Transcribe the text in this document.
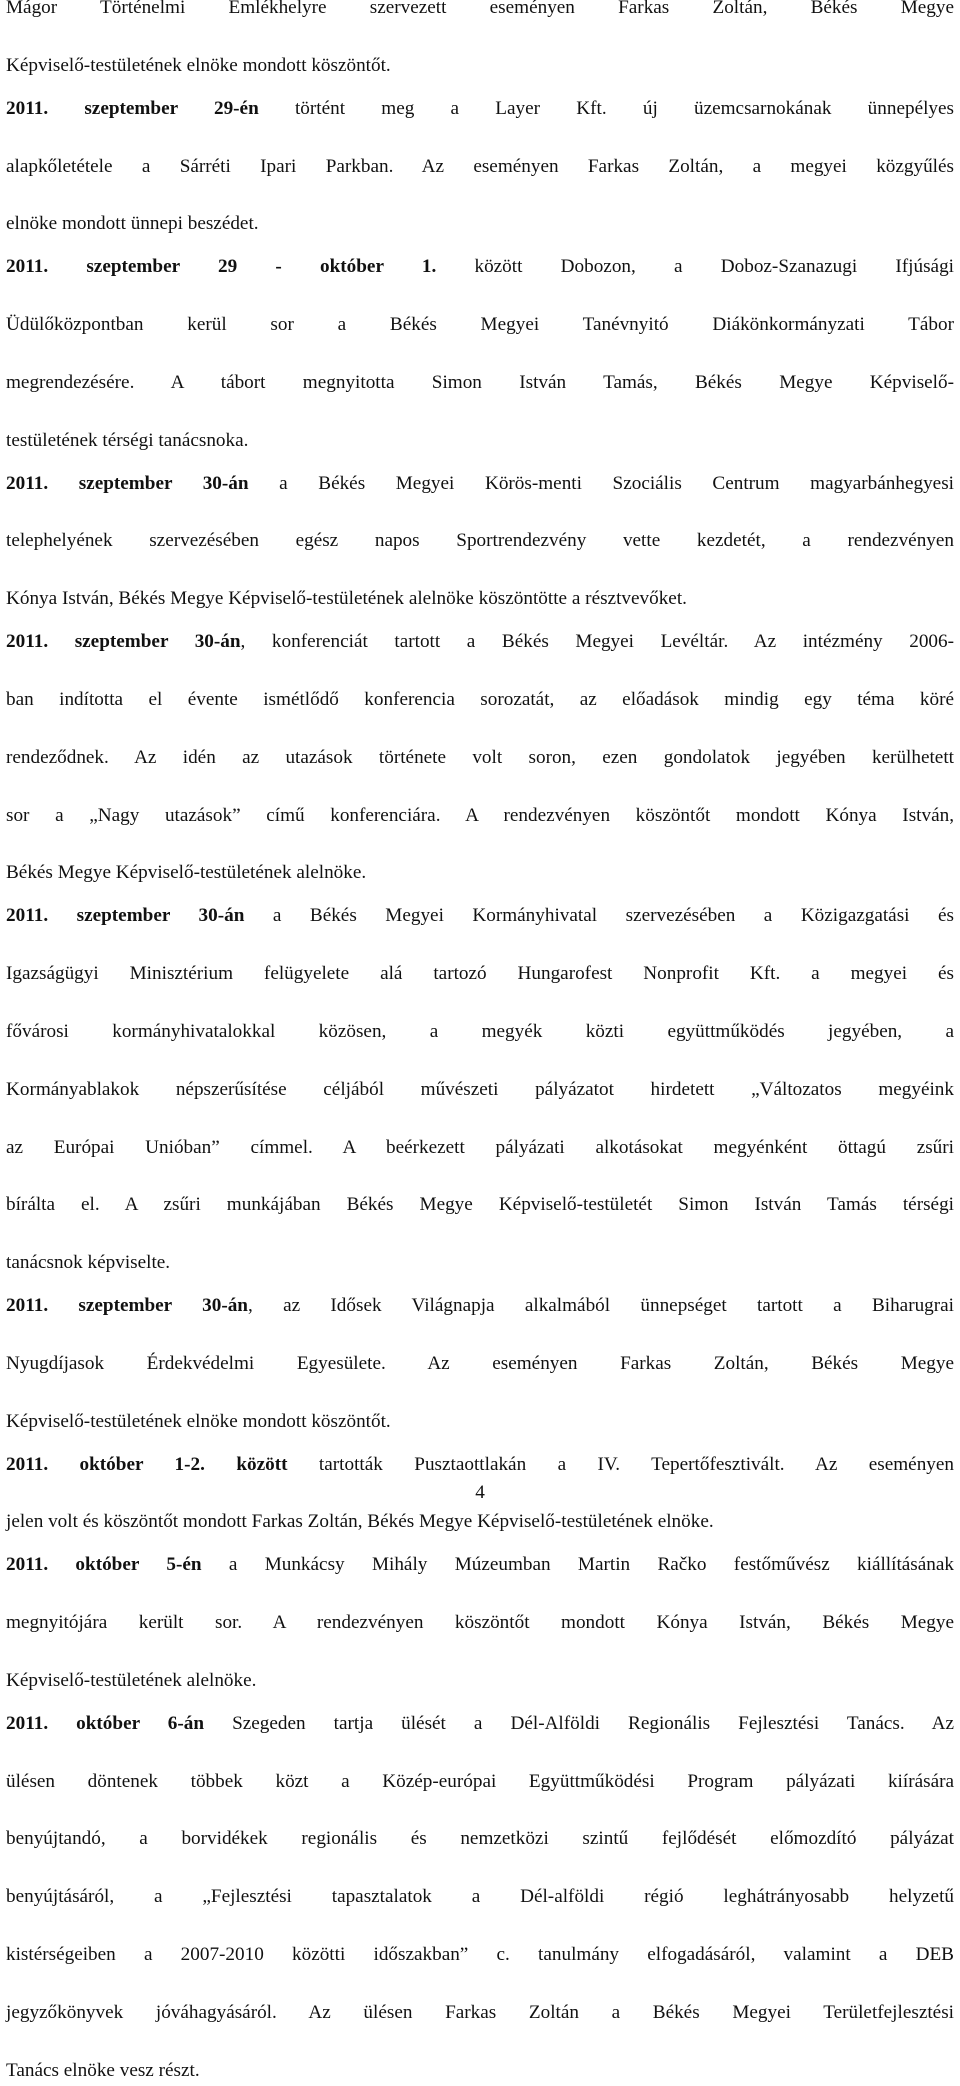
Mágor Történelmi Emlékhelyre szervezett eseményen Farkas Zoltán, Békés Megye
Képviselő-testületének elnöke mondott köszöntőt.
2011. szeptember 29-én történt meg a Layer Kft. új üzemcsarnokának ünnepélyes
alapkőletétele a Sárréti Ipari Parkban. Az eseményen Farkas Zoltán, a megyei közgyűlés
elnöke mondott ünnepi beszédet.
2011. szeptember 29 - október 1. között Dobozon, a Doboz-Szanazugi Ifjúsági
Üdülőközpontban kerül sor a Békés Megyei Tanévnyitó Diákönkormányzati Tábor
megrendezésére. A tábort megnyitotta Simon István Tamás, Békés Megye Képviselő-
testületének térségi tanácsnoka.
2011. szeptember 30-án a Békés Megyei Körös-menti Szociális Centrum magyarbánhegyesi
telephelyének szervezésében egész napos Sportrendezvény vette kezdetét, a rendezvényen
Kónya István, Békés Megye Képviselő-testületének alelnöke köszöntötte a résztvevőket.
2011. szeptember 30-án, konferenciát tartott a Békés Megyei Levéltár. Az intézmény 2006-
ban indította el évente ismétlődő konferencia sorozatát, az előadások mindig egy téma köré
rendeződnek. Az idén az utazások története volt soron, ezen gondolatok jegyében kerülhetett
sor a „Nagy utazások” című konferenciára. A rendezvényen köszöntőt mondott Kónya István,
Békés Megye Képviselő-testületének alelnöke.
2011. szeptember 30-án a Békés Megyei Kormányhivatal szervezésében a Közigazgatási és
Igazságügyi Minisztérium felügyelete alá tartozó Hungarofest Nonprofit Kft. a megyei és
fővárosi kormányhivatalokkal közösen, a megyék közti együttműködés jegyében, a
Kormányablakok népszerűsítése céljából művészeti pályázatot hirdetett „Változatos megyéink
az Európai Unióban” címmel. A beérkezett pályázati alkotásokat megyénként öttagú zsűri
bírálta el. A zsűri munkájában Békés Megye Képviselő-testületét Simon István Tamás térségi
tanácsnok képviselte.
2011. szeptember 30-án, az Idősek Világnapja alkalmából ünnepséget tartott a Biharugrai
Nyugdíjasok Érdekvédelmi Egyesülete. Az eseményen Farkas Zoltán, Békés Megye
Képviselő-testületének elnöke mondott köszöntőt.
2011. október 1-2. között tartották Pusztaottlakán a IV. Tepertőfesztivált. Az eseményen
jelen volt és köszöntőt mondott Farkas Zoltán, Békés Megye Képviselő-testületének elnöke.
2011. október 5-én a Munkácsy Mihály Múzeumban Martin Račko festőművész kiállításának
megnyitójára került sor. A rendezvényen köszöntőt mondott Kónya István, Békés Megye
Képviselő-testületének alelnöke.
2011. október 6-án Szegeden tartja ülését a Dél-Alföldi Regionális Fejlesztési Tanács. Az
ülésen döntenek többek közt a Közép-európai Együttműködési Program pályázati kiírására
benyújtandó, a borvidékek regionális és nemzetközi szintű fejlődését előmozdító pályázat
benyújtásáról, a „Fejlesztési tapasztalatok a Dél-alföldi régió leghátrányosabb helyzetű
kistérségeiben a 2007-2010 közötti időszakban” c. tanulmány elfogadásáról, valamint a DEB
jegyzőkönyvek jóváhagyásáról. Az ülésen Farkas Zoltán a Békés Megyei Területfejlesztési
Tanács elnöke vesz részt.
4
